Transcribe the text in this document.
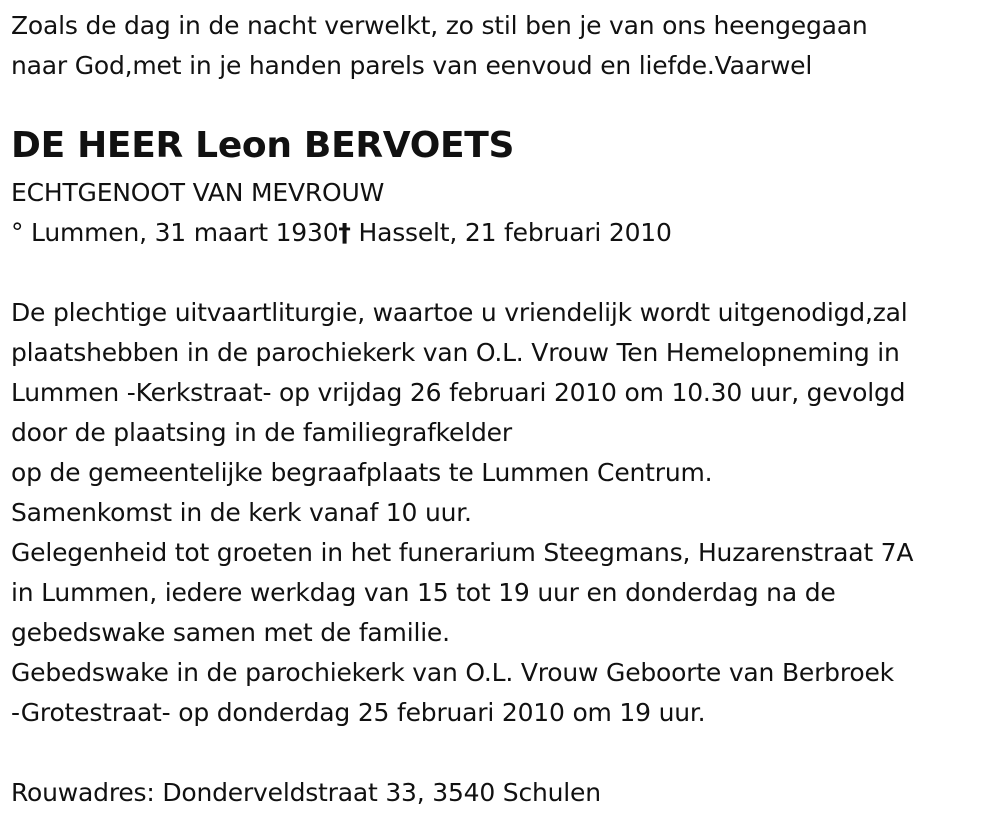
Zoals de dag in de nacht verwelkt, zo stil ben je van ons heengegaan
naar God,met in je handen parels van eenvoud en liefde.Vaarwel
DE HEER Leon BERVOETS
ECHTGENOOT VAN MEVROUW
° Lummen, 31 maart 1930† Hasselt, 21 februari 2010
De plechtige uitvaartliturgie, waartoe u vriendelijk wordt uitgenodigd,zal
plaatshebben in de parochiekerk van O.L. Vrouw Ten Hemelopneming in
Lummen -Kerkstraat- op vrijdag 26 februari 2010 om 10.30 uur, gevolgd
door de plaatsing in de familiegrafkelder
op de gemeentelijke begraafplaats te Lummen Centrum.
Samenkomst in de kerk vanaf 10 uur.
Gelegenheid tot groeten in het funerarium Steegmans, Huzarenstraat 7A
in Lummen, iedere werkdag van 15 tot 19 uur en donderdag na de
gebedswake samen met de familie.
Gebedswake in de parochiekerk van O.L. Vrouw Geboorte van Berbroek
-Grotestraat- op donderdag 25 februari 2010 om 19 uur.
Rouwadres: Donderveldstraat 33, 3540 Schulen
